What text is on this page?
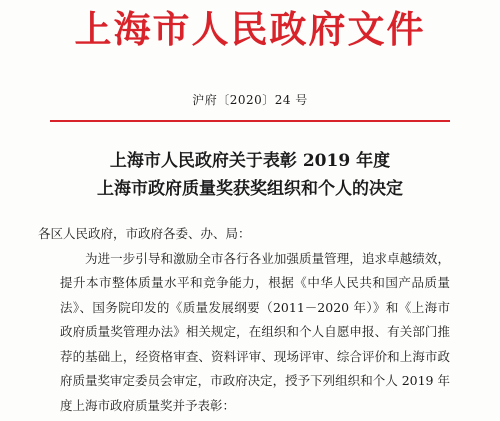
上海市人民政府文件
沪府〔2020〕24 号
上海市人民政府关于表彰 2019 年度
上海市政府质量奖获奖组织和个人的决定
各区人民政府，市政府各委、办、局：
为进一步引导和激励全市各行各业加强质量管理，追求卓越绩效，提升本市整体质量水平和竞争能力，根据《中华人民共和国产品质量法》、国务院印发的《质量发展纲要（2011－2020 年）》和《上海市政府质量奖管理办法》相关规定，在组织和个人自愿申报、有关部门推荐的基础上，经资格审查、资料评审、现场评审、综合评价和上海市政府质量奖审定委员会审定，市政府决定，授予下列组织和个人 2019 年度上海市政府质量奖并予表彰：
